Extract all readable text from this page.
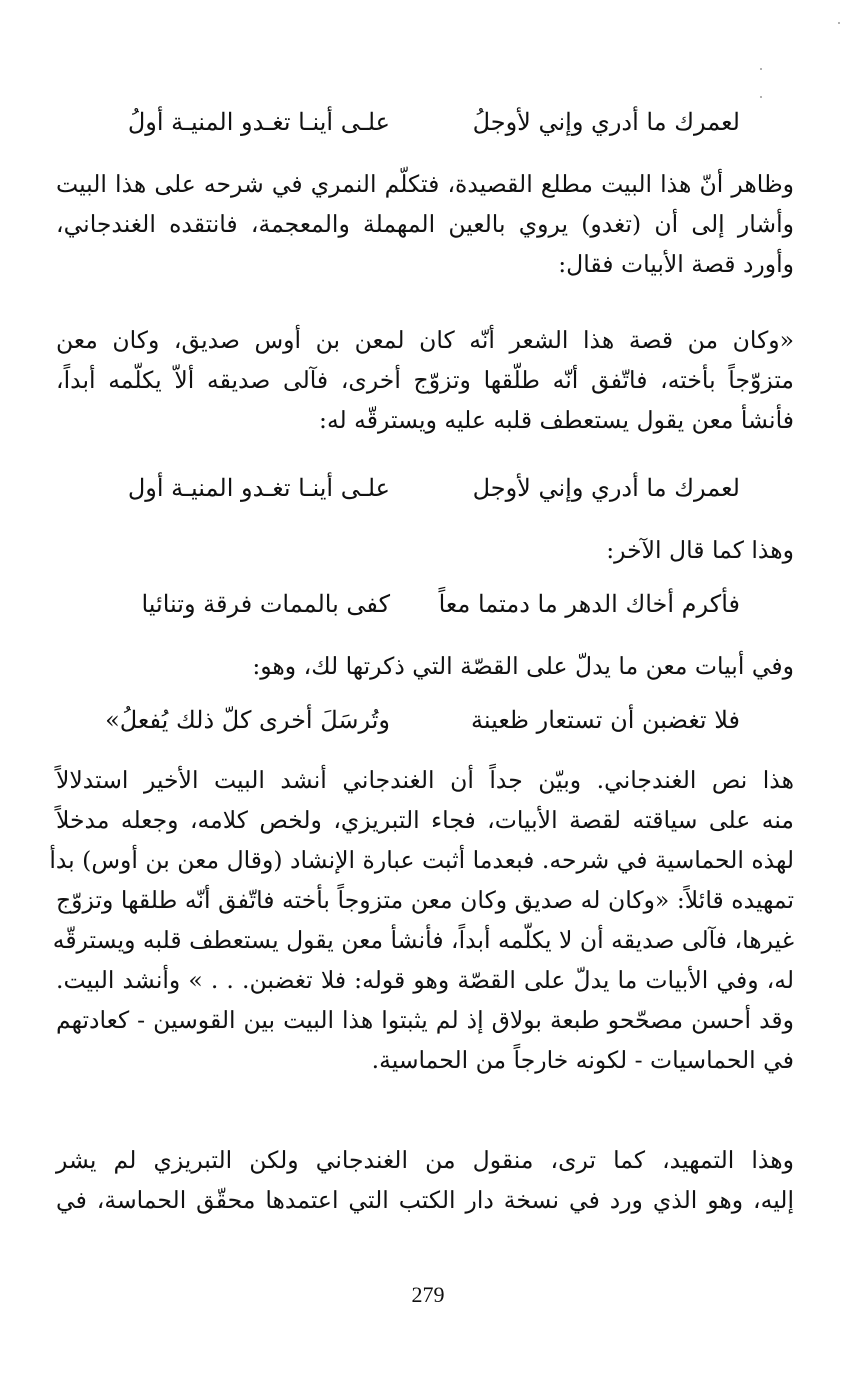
لعمرك ما أدري وإني لأوجلُ
علـى أينـا تغـدو المنيـة أولُ
وظاهر أنّ هذا البيت مطلع القصيدة، فتكلّم النمري في شرحه على هذا البيت
وأشار إلى أن (تغدو) يروي بالعين المهملة والمعجمة، فانتقده الغندجاني،
وأورد قصة الأبيات فقال:
«وكان من قصة هذا الشعر أنّه كان لمعن بن أوس صديق، وكان معن
متزوّجاً بأخته، فاتّفق أنّه طلّقها وتزوّج أخرى، فآلى صديقه ألاّ يكلّمه أبداً،
فأنشأ معن يقول يستعطف قلبه عليه ويسترقّه له:
لعمرك ما أدري وإني لأوجل
علـى أينـا تغـدو المنيـة أول
وهذا كما قال الآخر:
فأكرم أخاك الدهر ما دمتما معاً
كفى بالممات فرقة وتنائيا
وفي أبيات معن ما يدلّ على القصّة التي ذكرتها لك، وهو:
فلا تغضبن أن تستعار ظعينة
وتُرسَلَ أخرى كلّ ذلك يُفعلُ»
هذا نص الغندجاني. وبيّن جداً أن الغندجاني أنشد البيت الأخير استدلالاً
منه على سياقته لقصة الأبيات، فجاء التبريزي، ولخص كلامه، وجعله مدخلاً
لهذه الحماسية في شرحه. فبعدما أثبت عبارة الإنشاد (وقال معن بن أوس) بدأ
تمهيده قائلاً: «وكان له صديق وكان معن متزوجاً بأخته فاتّفق أنّه طلقها وتزوّج
غيرها، فآلى صديقه أن لا يكلّمه أبداً، فأنشأ معن يقول يستعطف قلبه ويسترقّه
له، وفي الأبيات ما يدلّ على القصّة وهو قوله: فلا تغضبن. . . » وأنشد البيت.
وقد أحسن مصحّحو طبعة بولاق إذ لم يثبتوا هذا البيت بين القوسين - كعادتهم
في الحماسيات - لكونه خارجاً من الحماسية.
وهذا التمهيد، كما ترى، منقول من الغندجاني ولكن التبريزي لم يشر
إليه، وهو الذي ورد في نسخة دار الكتب التي اعتمدها محقّق الحماسة، في
279
